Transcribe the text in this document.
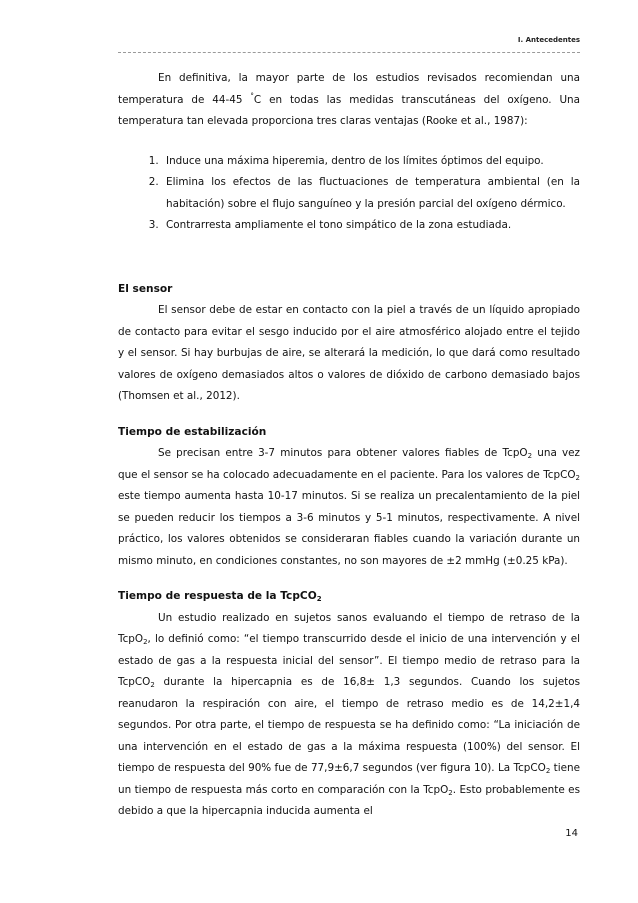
I. Antecedentes

En definitiva, la mayor parte de los estudios revisados recomiendan una temperatura de 44-45 °C en todas las medidas transcutáneas del oxígeno. Una temperatura tan elevada proporciona tres claras ventajas (Rooke et al., 1987):

1. Induce una máxima hiperemia, dentro de los límites óptimos del equipo.
2. Elimina los efectos de las fluctuaciones de temperatura ambiental (en la habitación) sobre el flujo sanguíneo y la presión parcial del oxígeno dérmico.
3. Contrarresta ampliamente el tono simpático de la zona estudiada.
El sensor

El sensor debe de estar en contacto con la piel a través de un líquido apropiado de contacto para evitar el sesgo inducido por el aire atmosférico alojado entre el tejido y el sensor. Si hay burbujas de aire, se alterará la medición, lo que dará como resultado valores de oxígeno demasiados altos o valores de dióxido de carbono demasiado bajos (Thomsen et al., 2012).

Tiempo de estabilización

Se precisan entre 3-7 minutos para obtener valores fiables de TcpO$_2$ una vez que el sensor se ha colocado adecuadamente en el paciente. Para los valores de TcpCO$_2$ este tiempo aumenta hasta 10-17 minutos. Si se realiza un precalentamiento de la piel se pueden reducir los tiempos a 3-6 minutos y 5-1 minutos, respectivamente. A nivel práctico, los valores obtenidos se consideraran fiables cuando la variación durante un mismo minuto, en condiciones constantes, no son mayores de ±2 mmHg (±0.25 kPa).

Tiempo de respuesta de la TcpCO$_2$

Un estudio realizado en sujetos sanos evaluando el tiempo de retraso de la TcpO$_2$, lo definió como: “el tiempo transcurrido desde el inicio de una intervención y el estado de gas a la respuesta inicial del sensor”. El tiempo medio de retraso para la TcpCO$_2$ durante la hipercapnia es de 16,8± 1,3 segundos. Cuando los sujetos reanudaron la respiración con aire, el tiempo de retraso medio es de 14,2±1,4 segundos. Por otra parte, el tiempo de respuesta se ha definido como: “La iniciación de una intervención en el estado de gas a la máxima respuesta (100%) del sensor. El tiempo de respuesta del 90% fue de 77,9±6,7 segundos (ver figura 10). La TcpCO$_2$ tiene un tiempo de respuesta más corto en comparación con la TcpO$_2$. Esto probablemente es debido a que la hipercapnia inducida aumenta el

14
